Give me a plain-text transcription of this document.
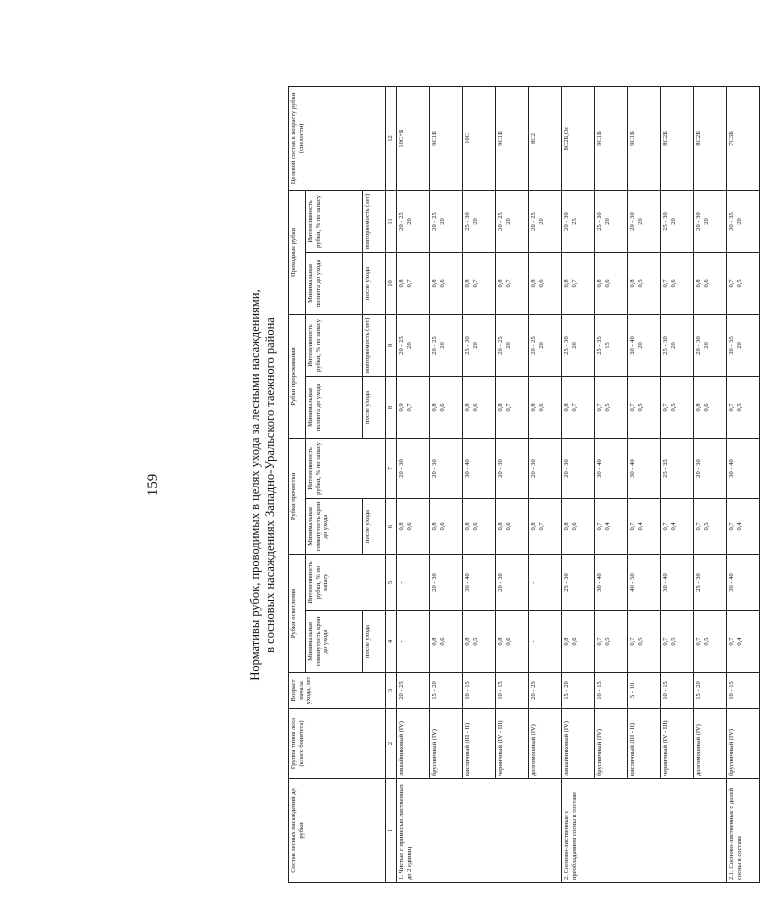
159	Нормативы рубок, проводимых в целях ухода за лесными насаждениями, в сосновых насаждениях Западно-Уральского таежного района
Состав лесных насаждений до рубки	Группа типов леса (класс бонитета)	Возраст начала ухода, лет	Рубки осветления		Рубки прочистки		Рубки прореживания		Проходные рубки		Целевой состав к возрасту рубки (спелости)
			Минимальная сомкнутость крон до ухода	Интенсивность рубки, % по запасу	Минимальная сомкнутость крон до ухода	Интенсивность рубки, % по запасу	Минимальная полнота до ухода	Интенсивность рубки, % по запасу	Минимальная полнота до ухода	Интенсивность рубки, % по запасу	
			после ухода		после ухода		после ухода	повторяемость (лет)	после ухода	повторяемость (лет)	
1	2	3	4	5	6	7	8	9	10	11	12

1. Чистые с примесью лиственных до 2 единиц	лишайниковый (IV)	20 - 25	-	-	0,8 0,6	20 - 30	0,9 0,7	20 - 25 20	0,8 0,7	20 - 25 20	10С+Б

	брусничный (IV)	15 - 20	0,8 0,6	20 - 30	0,8 0,6	20 - 30	0,8 0,6	20 - 25 20	0,8 0,6	20 - 25 20	9С1Б

	кисличный (III - II)	10 - 15	0,8 0,5	30 - 40	0,8 0,6	30 - 40	0,8 0,6	25 - 30 20	0,8 0,7	25 - 30 20	10С

	черничный (IV - III)	10 - 15	0,8 0,6	20 - 30	0,8 0,6	20 - 30	0,8 0,7	20 - 25 20	0,8 0,7	20 - 25 20	9С1Б

	долгомошный (IV)	20 - 25	-	-	0,8 0,7	20 - 30	0,8 0,6	20 - 25 20	0,8 0,6	20 - 25 20	8С2

2. Сосново-лиственные с преобладанием сосны в составе	лишайниковый (IV)	15 - 20	0,8 0,6	25 - 30	0,8 0,6	20 - 30	0,8 0,7	25 - 30 20	0,8 0,7	20 - 30 25	8С2Б,Ос

	брусничный (IV)	10 - 15	0,7 0,5	30 - 40	0,7 0,4	30 - 40	0,7 0,5	25 - 35 15	0,8 0,6	25 - 30 20	9С1Б

	кисличный (III - II)	5 - 10	0,7 0,5	40 - 50	0,7 0,4	30 - 40	0,7 0,5	30 - 40 20	0,8 0,5	20 - 30 20	9С1Б

	черничный (IV - III)	10 - 15	0,7 0,5	30 - 40	0,7 0,4	25 - 35	0,7 0,5	25 - 30 20	0,7 0,6	25 - 30 20	8С2Б

	долгомошный (IV)	15 - 20	0,7 0,5	25 - 30	0,7 0,5	20 - 30	0,8 0,6	20 - 30 20	0,8 0,6	20 - 30 20	8С2Б

2.1. Сосново-лиственные с долей сосны в составе	брусничный (IV)	10 - 15	0,7 0,4	30 - 40	0,7 0,4	30 - 40	0,7 0,5	30 - 35 20	0,7 0,5	30 - 35 20	7С3Б
